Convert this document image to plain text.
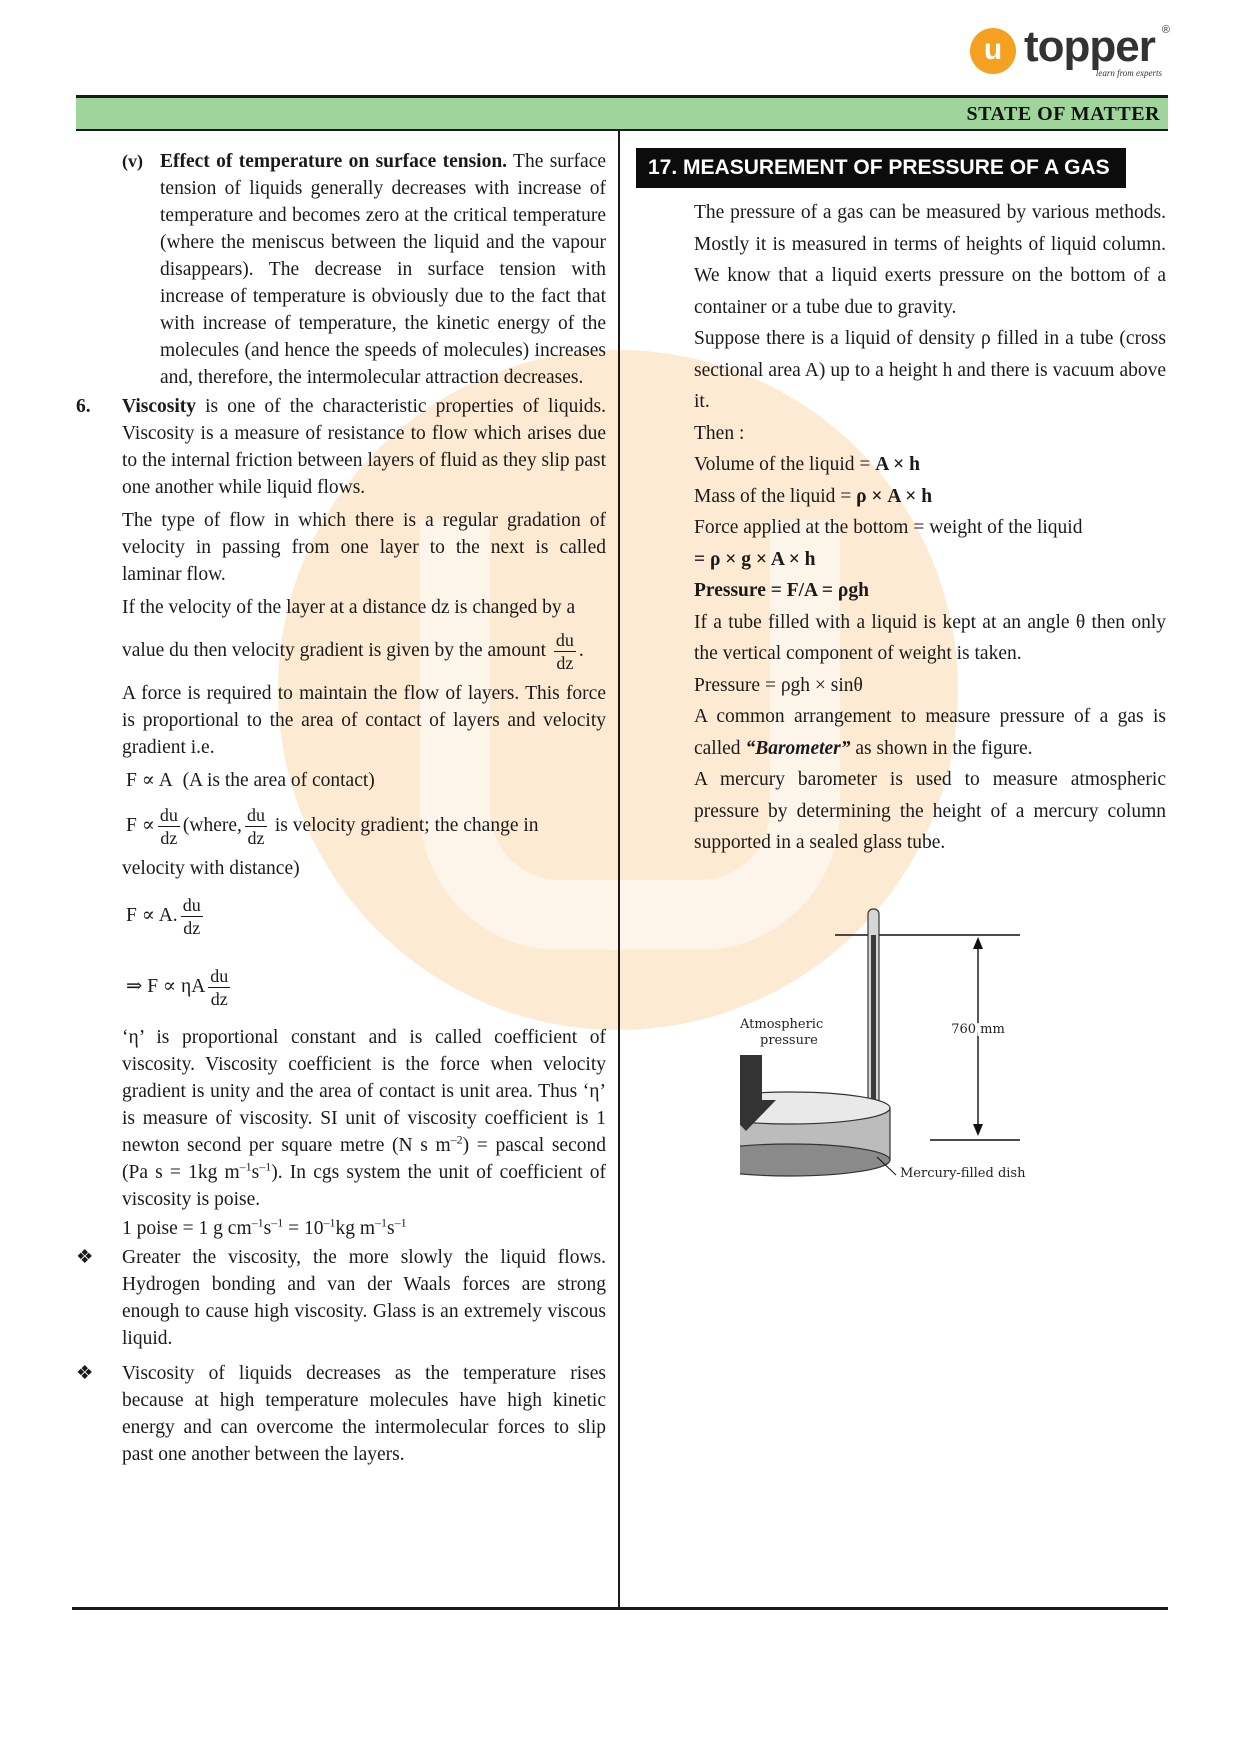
u topper ®
learn from experts
STATE OF MATTER

(v) Effect of temperature on surface tension. The surface tension of liquids generally decreases with increase of temperature and becomes zero at the critical temperature (where the meniscus between the liquid and the vapour disappears). The decrease in surface tension with increase of temperature is obviously due to the fact that with increase of temperature, the kinetic energy of the molecules (and hence the speeds of molecules) increases and, therefore, the intermolecular attraction decreases.

6. Viscosity is one of the characteristic properties of liquids. Viscosity is a measure of resistance to flow which arises due to the internal friction between layers of fluid as they slip past one another while liquid flows.

The type of flow in which there is a regular gradation of velocity in passing from one layer to the next is called laminar flow.

If the velocity of the layer at a distance dz is changed by a

value du then velocity gradient is given by the amount $\frac{du}{dz}$ .

A force is required to maintain the flow of layers. This force is proportional to the area of contact of layers and velocity gradient i.e.

F ∝ A (A is the area of contact)

$F \propto \frac{du}{dz}$ (where, $\frac{du}{dz}$ is velocity gradient; the change in

velocity with distance)

F ∝ A. $\frac{du}{dz}$

⇒ F ∝ ηA $\frac{du}{dz}$

‘η’ is proportional constant and is called coefficient of viscosity. Viscosity coefficient is the force when velocity gradient is unity and the area of contact is unit area. Thus ‘η’ is measure of viscosity. SI unit of viscosity coefficient is 1 newton second per square metre (N s $m^{-2}$) = pascal second (Pa s = 1kg $m^{-1}s^{-1}$). In cgs system the unit of coefficient of viscosity is poise.

1 poise = 1 g $cm^{-1}s^{-1} = 10^{-1}kg$ $m^{-1}s^{-1}$

❖ Greater the viscosity, the more slowly the liquid flows. Hydrogen bonding and van der Waals forces are strong enough to cause high viscosity. Glass is an extremely viscous liquid.

❖ Viscosity of liquids decreases as the temperature rises because at high temperature molecules have high kinetic energy and can overcome the intermolecular forces to slip past one another between the layers.

17. MEASUREMENT OF PRESSURE OF A GAS

The pressure of a gas can be measured by various methods. Mostly it is measured in terms of heights of liquid column. We know that a liquid exerts pressure on the bottom of a container or a tube due to gravity.

Suppose there is a liquid of density ρ filled in a tube (cross sectional area A) up to a height h and there is vacuum above it.

Then :

Volume of the liquid = A × h

Mass of the liquid = ρ × A × h

Force applied at the bottom = weight of the liquid

= ρ × g × A × h

Pressure = F/A = ρgh

If a tube filled with a liquid is kept at an angle θ then only the vertical component of weight is taken.

Pressure = ρgh × sinθ

A common arrangement to measure pressure of a gas is called “Barometer” as shown in the figure.

A mercury barometer is used to measure atmospheric pressure by determining the height of a mercury column supported in a sealed glass tube.

760 mm
Atmospheric
pressure
Mercury-filled dish
